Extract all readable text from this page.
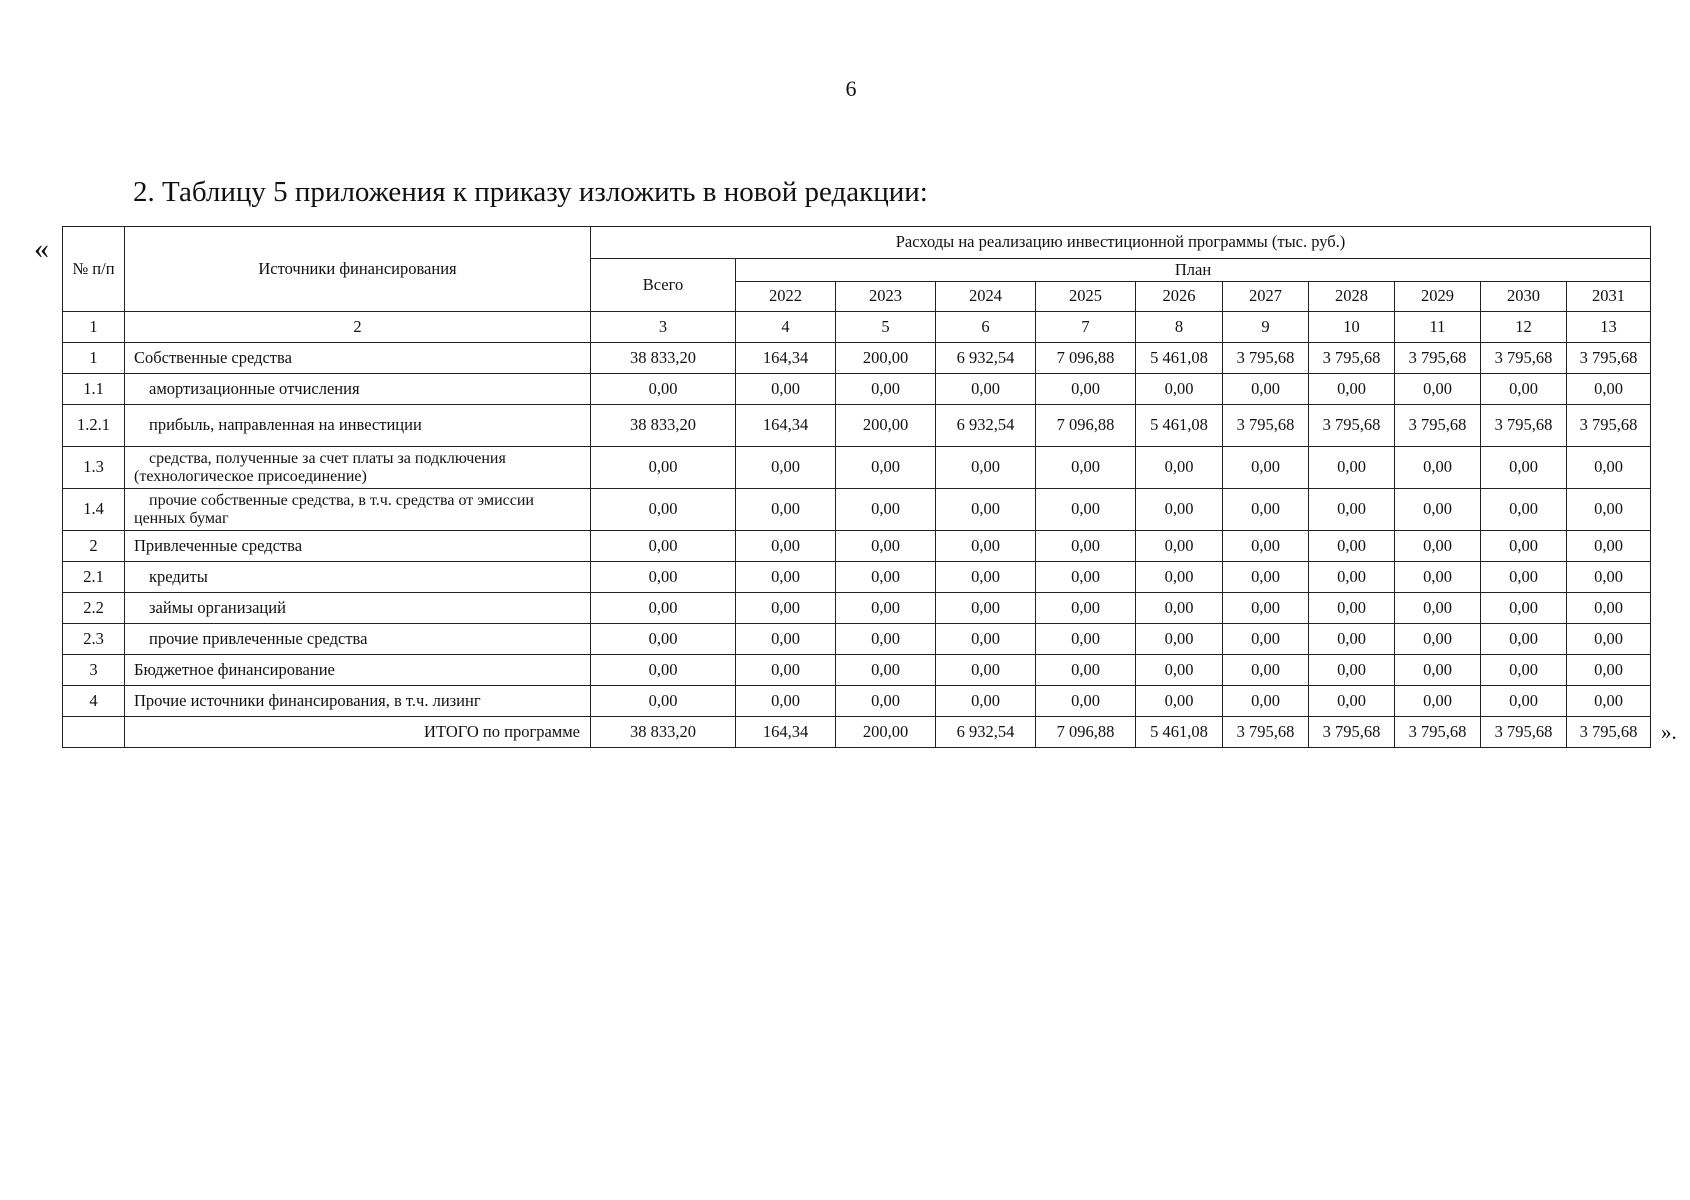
6
2. Таблицу 5 приложения к приказу изложить в новой редакции:
«
№ п/п	Источники финансирования	Расходы на реализацию инвестиционной программы (тыс. руб.)										
		Всего	План									
			2022	2023	2024	2025	2026	2027	2028	2029	2030	2031
1	2	3	4	5	6	7	8	9	10	11	12	13
1	Собственные средства	38 833,20	164,34	200,00	6 932,54	7 096,88	5 461,08	3 795,68	3 795,68	3 795,68	3 795,68	3 795,68
1.1	амортизационные отчисления	0,00	0,00	0,00	0,00	0,00	0,00	0,00	0,00	0,00	0,00	0,00
1.2.1	прибыль, направленная на инвестиции	38 833,20	164,34	200,00	6 932,54	7 096,88	5 461,08	3 795,68	3 795,68	3 795,68	3 795,68	3 795,68
1.3	средства, полученные за счет платы за подключения (технологическое присоединение)	0,00	0,00	0,00	0,00	0,00	0,00	0,00	0,00	0,00	0,00	0,00
1.4	прочие собственные средства, в т.ч. средства от эмиссии ценных бумаг	0,00	0,00	0,00	0,00	0,00	0,00	0,00	0,00	0,00	0,00	0,00
2	Привлеченные средства	0,00	0,00	0,00	0,00	0,00	0,00	0,00	0,00	0,00	0,00	0,00
2.1	кредиты	0,00	0,00	0,00	0,00	0,00	0,00	0,00	0,00	0,00	0,00	0,00
2.2	займы организаций	0,00	0,00	0,00	0,00	0,00	0,00	0,00	0,00	0,00	0,00	0,00
2.3	прочие привлеченные средства	0,00	0,00	0,00	0,00	0,00	0,00	0,00	0,00	0,00	0,00	0,00
3	Бюджетное финансирование	0,00	0,00	0,00	0,00	0,00	0,00	0,00	0,00	0,00	0,00	0,00
4	Прочие источники финансирования, в т.ч. лизинг	0,00	0,00	0,00	0,00	0,00	0,00	0,00	0,00	0,00	0,00	0,00
	ИТОГО по программе	38 833,20	164,34	200,00	6 932,54	7 096,88	5 461,08	3 795,68	3 795,68	3 795,68	3 795,68	3 795,68 ».
